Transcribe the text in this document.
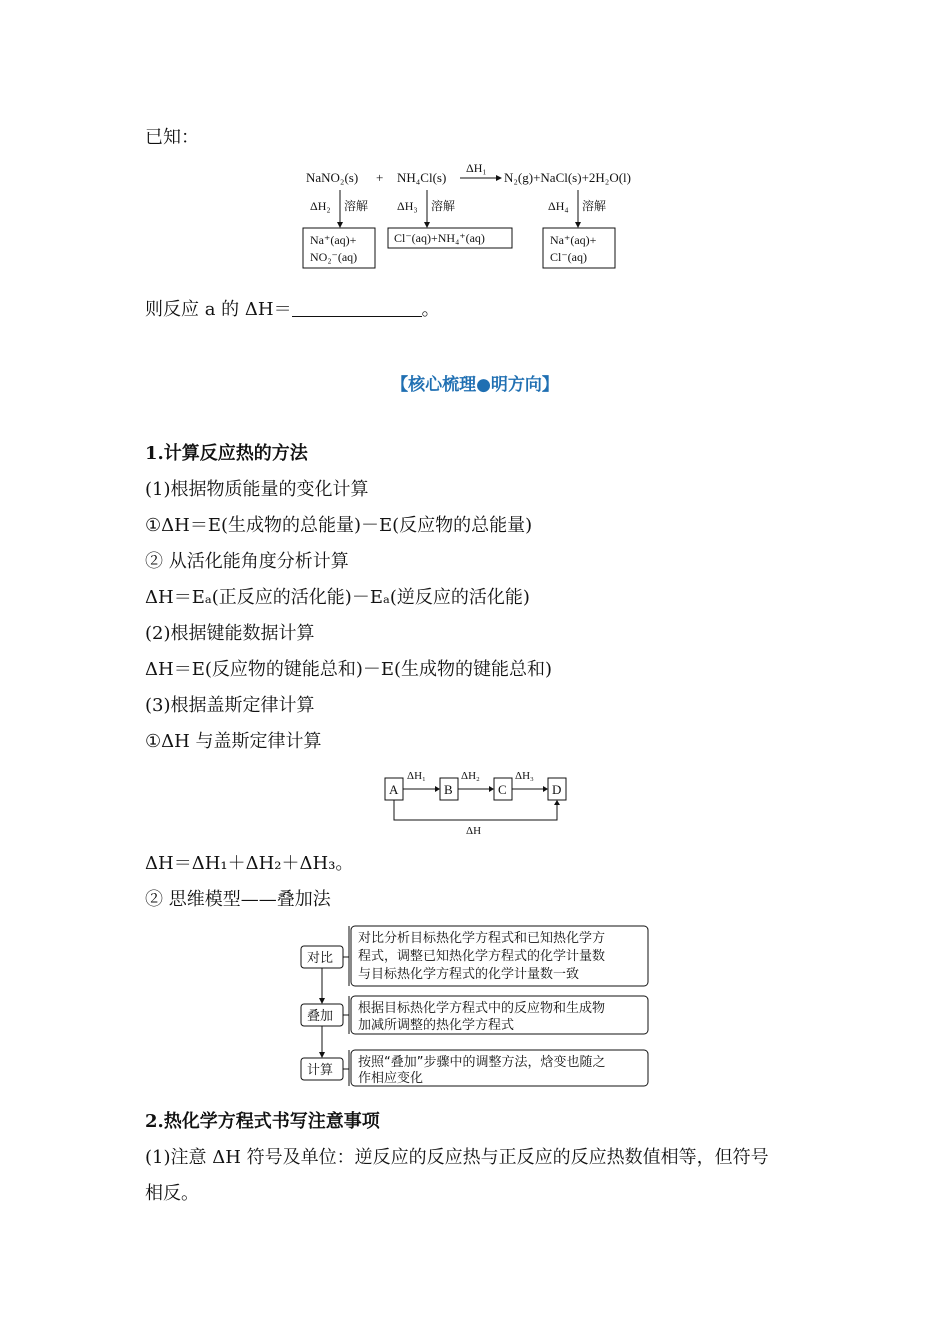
已知：
NaNO₂(s) + NH₄Cl(s)
ΔH₁
N₂(g)+NaCl(s)+2H₂O(l)
ΔH₂ 溶解 ΔH₃ 溶解	ΔH₄ 溶解
Na⁺(aq)+
NO₂⁻(aq)
Cl⁻(aq)+NH₄⁺(aq)	Na⁺(aq)+
Cl⁻(aq)
则反应 a 的 ΔH＝	。
【核心梳理●明方向】
1.计算反应热的方法
(1)根据物质能量的变化计算
①ΔH＝E(生成物的总能量)－E(反应物的总能量)
② 从活化能角度分析计算
ΔH＝Eₐ(正反应的活化能)－Eₐ(逆反应的活化能)
(2)根据键能数据计算
ΔH＝E(反应物的键能总和)－E(生成物的键能总和)
(3)根据盖斯定律计算
①ΔH 与盖斯定律计算
A	B	C	D
ΔH₁	ΔH₂	ΔH₃
ΔH
ΔH＝ΔH₁＋ΔH₂＋ΔH₃。
② 思维模型——叠加法
对比
叠加
计算
对比分析目标热化学方程式和已知热化学方
程式，调整已知热化学方程式的化学计量数
与目标热化学方程式的化学计量数一致
根据目标热化学方程式中的反应物和生成物
加减所调整的热化学方程式
按照“叠加”步骤中的调整方法，焓变也随之
作相应变化
2.热化学方程式书写注意事项
(1)注意 ΔH 符号及单位：逆反应的反应热与正反应的反应热数值相等，但符号
相反。
